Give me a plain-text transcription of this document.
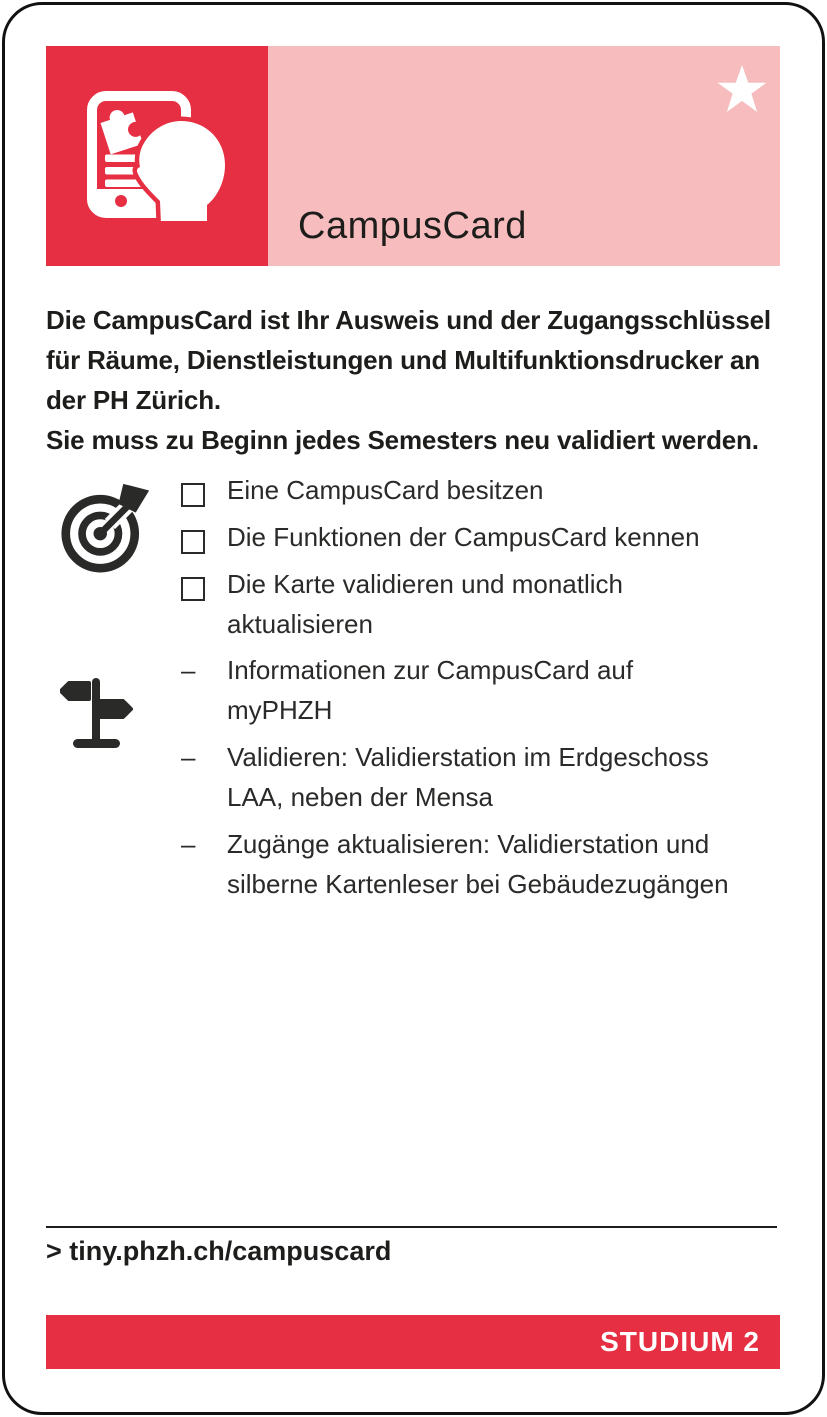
CampusCard
Die CampusCard ist Ihr Ausweis und der Zugangsschlüssel
für Räume, Dienstleistungen und Multifunktionsdrucker an
der PH Zürich.
Sie muss zu Beginn jedes Semesters neu validiert werden.
Eine CampusCard besitzen
Die Funktionen der CampusCard kennen
Die Karte validieren und monatlich
aktualisieren
–	Informationen zur CampusCard auf
myPHZH
–	Validieren: Validierstation im Erdgeschoss
LAA, neben der Mensa
–	Zugänge aktualisieren: Validierstation und
silberne Kartenleser bei Gebäudezugängen
> tiny.phzh.ch/campuscard
STUDIUM 2
